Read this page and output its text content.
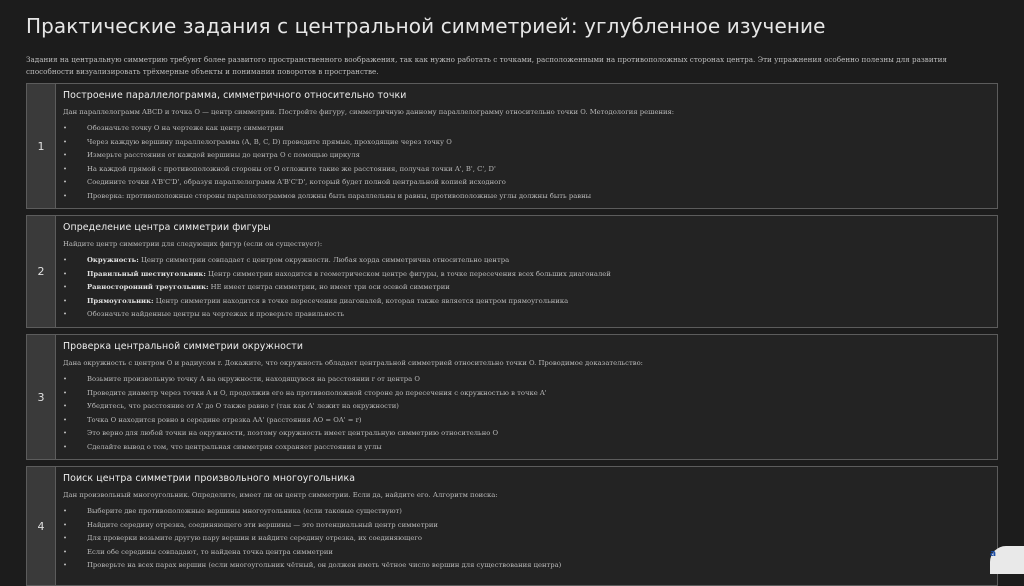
Практические задания с центральной симметрией: углубленное изучение

Задания на центральную симметрию требуют более развитого пространственного воображения, так как нужно работать с точками, расположенными на противоположных сторонах центра. Эти упражнения особенно полезны для развития способности визуализировать трёхмерные объекты и понимания поворотов в пространстве.

1
Построение параллелограмма, симметричного относительно точки
Дан параллелограмм ABCD и точка O — центр симметрии. Постройте фигуру, симметричную данному параллелограмму относительно точки O. Методология решения:
•	Обозначьте точку O на чертеже как центр симметрии
•	Через каждую вершину параллелограмма (A, B, C, D) проведите прямые, проходящие через точку O
•	Измерьте расстояния от каждой вершины до центра O с помощью циркуля
•	На каждой прямой с противоположной стороны от O отложите такие же расстояния, получая точки A', B', C', D'
•	Соедините точки A'B'C'D', образуя параллелограмм A'B'C'D', который будет полной центральной копией исходного
•	Проверка: противоположные стороны параллелограммов должны быть параллельны и равны, противоположные углы должны быть равны
2
Определение центра симметрии фигуры
Найдите центр симметрии для следующих фигур (если он существует):
•	Окружность: Центр симметрии совпадает с центром окружности. Любая хорда симметрична относительно центра
•	Правильный шестиугольник: Центр симметрии находится в геометрическом центре фигуры, в точке пересечения всех больших диагоналей
•	Равносторонний треугольник: НЕ имеет центра симметрии, но имеет три оси осевой симметрии
•	Прямоугольник: Центр симметрии находится в точке пересечения диагоналей, которая также является центром прямоугольника
•	Обозначьте найденные центры на чертежах и проверьте правильность
3
Проверка центральной симметрии окружности
Дана окружность с центром O и радиусом r. Докажите, что окружность обладает центральной симметрией относительно точки O. Проводимое доказательство:
•	Возьмите произвольную точку A на окружности, находящуюся на расстоянии r от центра O
•	Проведите диаметр через точки A и O, продолжив его на противоположной стороне до пересечения с окружностью в точке A'
•	Убедитесь, что расстояние от A' до O также равно r (так как A' лежит на окружности)
•	Точка O находится ровно в середине отрезка AA' (расстояния AO = OA' = r)
•	Это верно для любой точки на окружности, поэтому окружность имеет центральную симметрию относительно O
•	Сделайте вывод о том, что центральная симметрия сохраняет расстояния и углы
4
Поиск центра симметрии произвольного многоугольника
Дан произвольный многоугольник. Определите, имеет ли он центр симметрии. Если да, найдите его. Алгоритм поиска:
•	Выберите две противоположные вершины многоугольника (если таковые существуют)
•	Найдите середину отрезка, соединяющего эти вершины — это потенциальный центр симметрии
•	Для проверки возьмите другую пару вершин и найдите середину отрезка, их соединяющего
•	Если обе середины совпадают, то найдена точка центра симметрии
•	Проверьте на всех парах вершин (если многоугольник чётный, он должен иметь чётное число вершин для существования центра)
a
